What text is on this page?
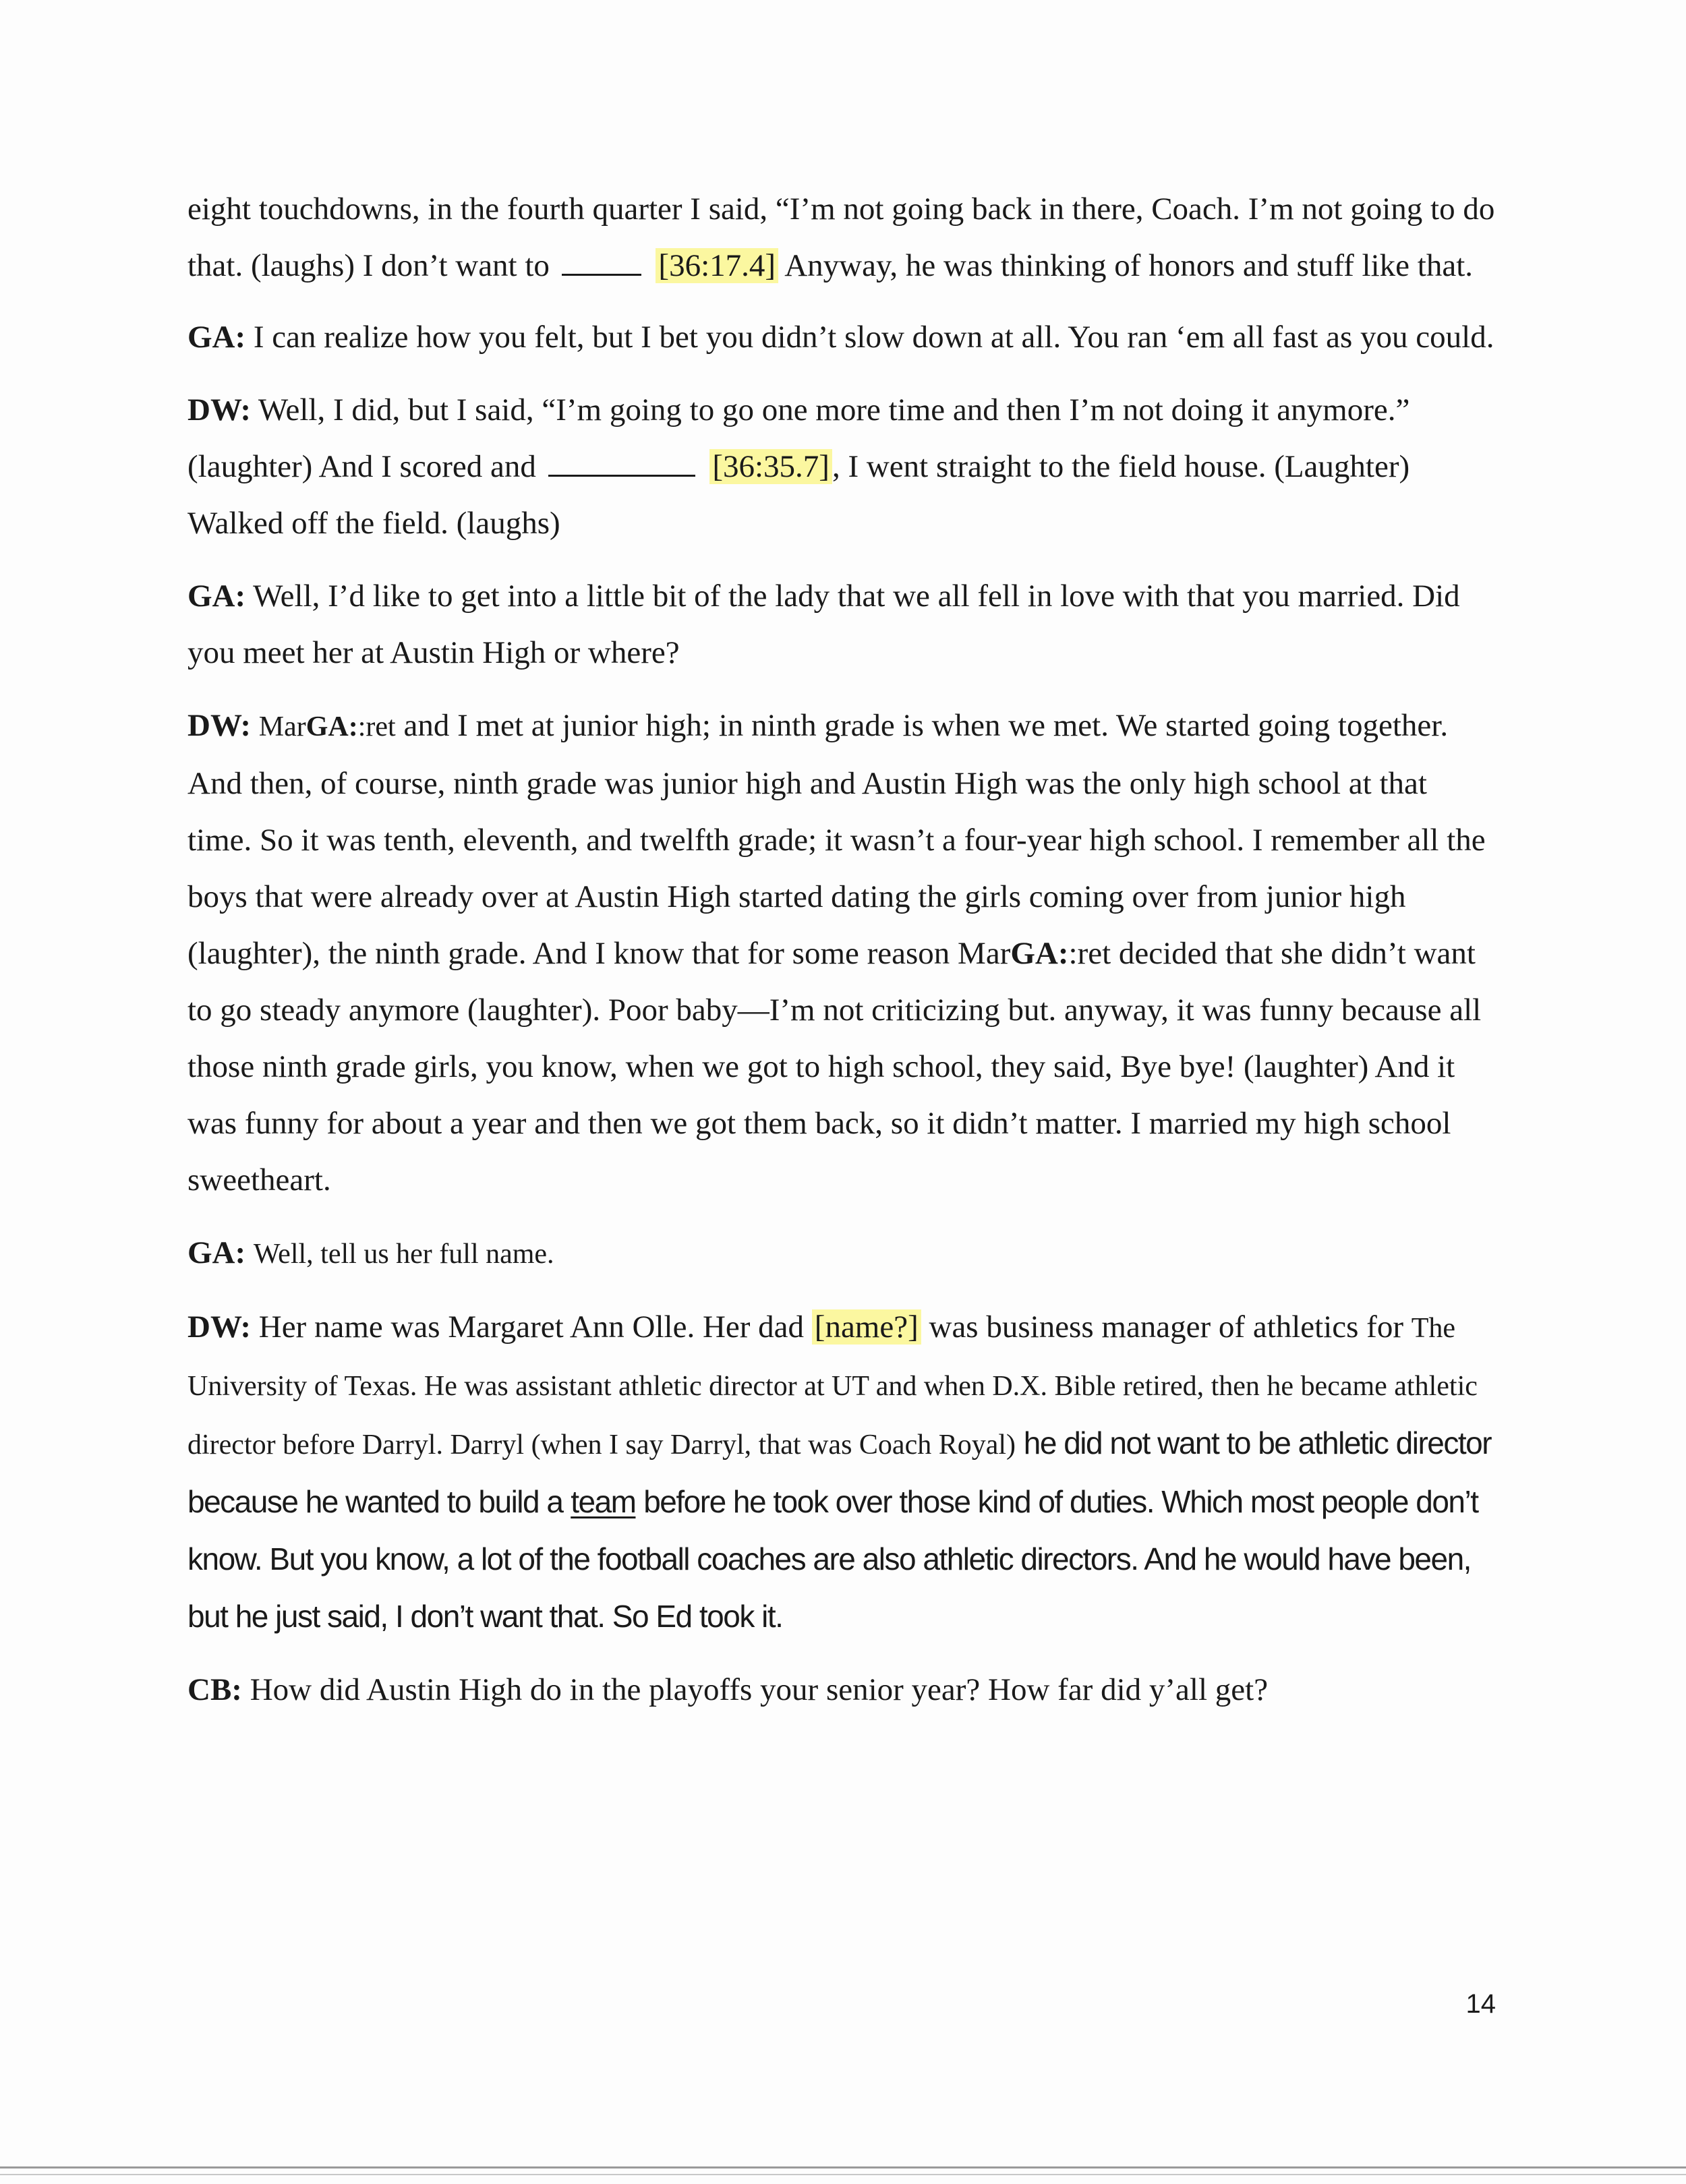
eight touchdowns, in the fourth quarter I said, “I’m not going back in there, Coach. I’m not going to do that. (laughs) I don’t want to	[36:17.4] Anyway, he was thinking of honors and stuff like that.

GA: I can realize how you felt, but I bet you didn’t slow down at all. You ran ‘em all fast as you could.

DW: Well, I did, but I said, “I’m going to go one more time and then I’m not doing it anymore.” (laughter) And I scored and	[36:35.7], I went straight to the field house. (Laughter) Walked off the field. (laughs)

GA: Well, I’d like to get into a little bit of the lady that we all fell in love with that you married. Did you meet her at Austin High or where?

DW: MarGA::ret and I met at junior high; in ninth grade is when we met. We started going together. And then, of course, ninth grade was junior high and Austin High was the only high school at that time. So it was tenth, eleventh, and twelfth grade; it wasn’t a four-year high school. I remember all the boys that were already over at Austin High started dating the girls coming over from junior high (laughter), the ninth grade. And I know that for some reason MarGA::ret decided that she didn’t want to go steady anymore (laughter). Poor baby—I’m not criticizing but. anyway, it was funny because all those ninth grade girls, you know, when we got to high school, they said, Bye bye! (laughter) And it was funny for about a year and then we got them back, so it didn’t matter. I married my high school sweetheart.

GA: Well, tell us her full name.

DW: Her name was Margaret Ann Olle. Her dad [name?] was business manager of athletics for The University of Texas. He was assistant athletic director at UT and when D.X. Bible retired, then he became athletic director before Darryl. Darryl (when I say Darryl, that was Coach Royal) he did not want to be athletic director because he wanted to build a team before he took over those kind of duties. Which most people don’t know. But you know, a lot of the football coaches are also athletic directors. And he would have been, but he just said, I don’t want that. So Ed took it.

CB: How did Austin High do in the playoffs your senior year? How far did y’all get?

14
